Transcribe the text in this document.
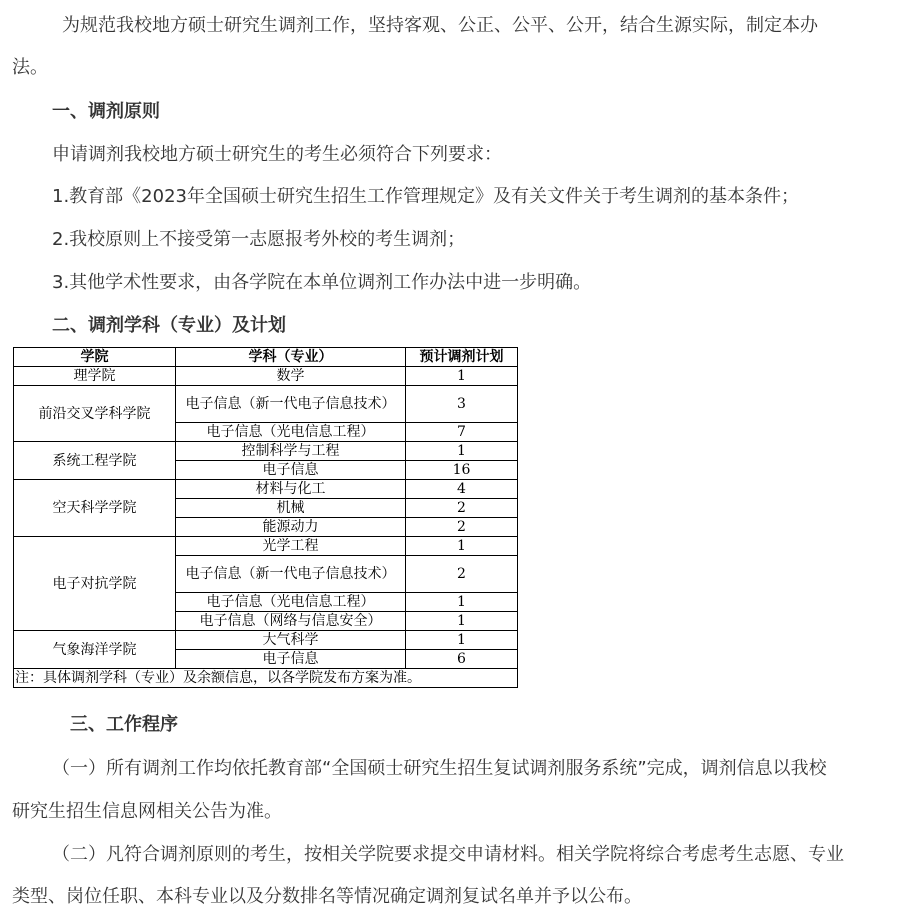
为规范我校地方硕士研究生调剂工作，坚持客观、公正、公平、公开，结合生源实际，制定本办
法。
一、调剂原则
申请调剂我校地方硕士研究生的考生必须符合下列要求：
1.教育部《2023年全国硕士研究生招生工作管理规定》及有关文件关于考生调剂的基本条件；
2.我校原则上不接受第一志愿报考外校的考生调剂；
3.其他学术性要求，由各学院在本单位调剂工作办法中进一步明确。
二、调剂学科（专业）及计划
学院	学科（专业）	预计调剂计划
理学院	数学	1
前沿交叉学科学院	电子信息（新一代电子信息技术）	3
	电子信息（光电信息工程）	7
系统工程学院	控制科学与工程	1
	电子信息	16
空天科学学院	材料与化工	4
	机械	2
	能源动力	2
电子对抗学院	光学工程	1
	电子信息（新一代电子信息技术）	2
	电子信息（光电信息工程）	1
	电子信息（网络与信息安全）	1
气象海洋学院	大气科学	1
	电子信息	6
注：具体调剂学科（专业）及余额信息，以各学院发布方案为准。		
三、工作程序
（一）所有调剂工作均依托教育部“全国硕士研究生招生复试调剂服务系统”完成，调剂信息以我校
研究生招生信息网相关公告为准。
（二）凡符合调剂原则的考生，按相关学院要求提交申请材料。相关学院将综合考虑考生志愿、专业
类型、岗位任职、本科专业以及分数排名等情况确定调剂复试名单并予以公布。
